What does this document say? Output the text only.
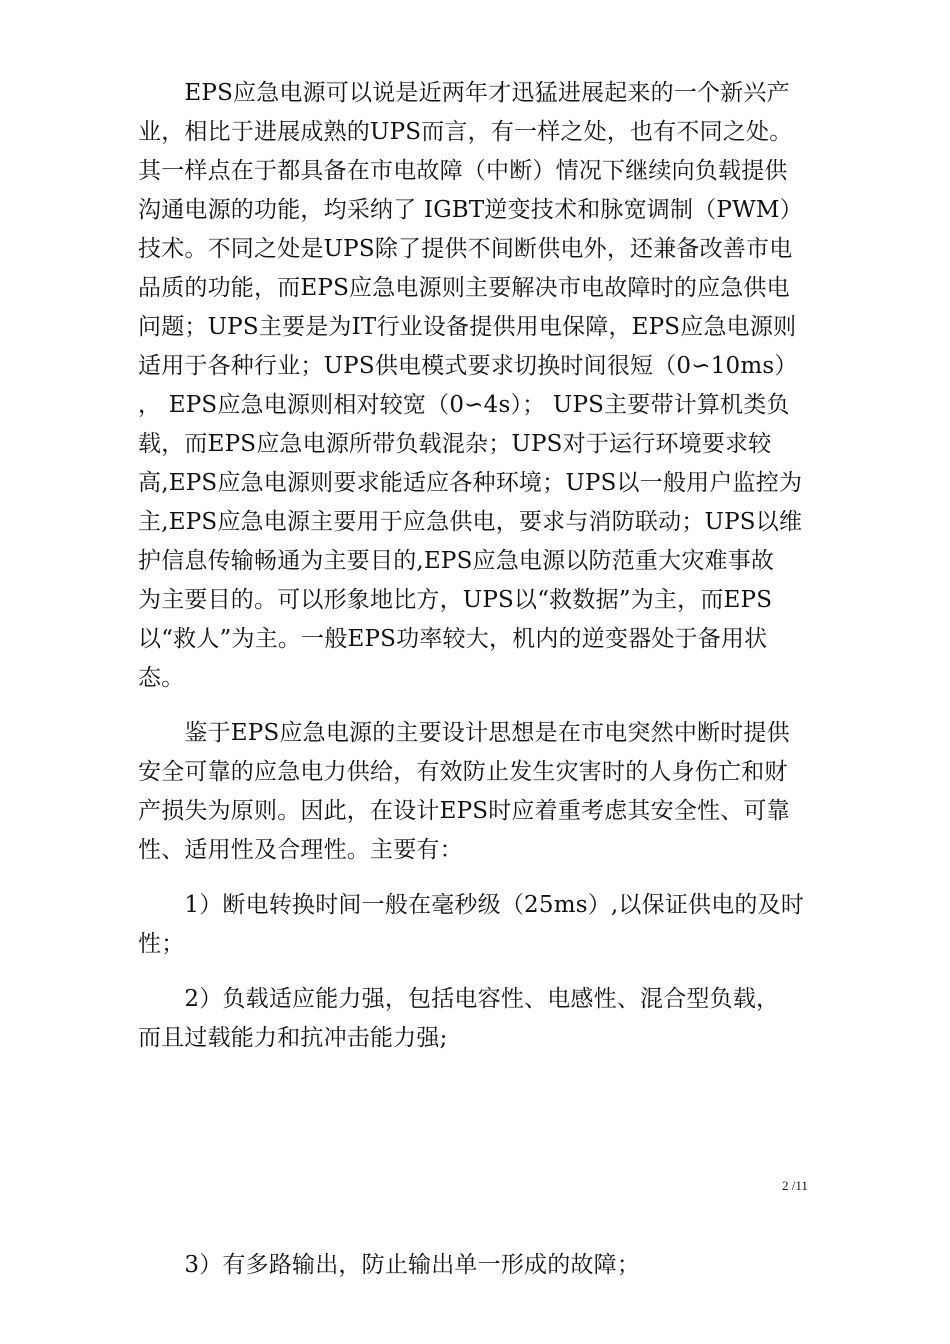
　　EPS应急电源可以说是近两年才迅猛进展起来的一个新兴产
业，相比于进展成熟的UPS而言，有一样之处，也有不同之处。
其一样点在于都具备在市电故障（中断）情况下继续向负载提供
沟通电源的功能，均采纳了 IGBT逆变技术和脉宽调制（PWM）
技术。不同之处是UPS除了提供不间断供电外，还兼备改善市电
品质的功能，而EPS应急电源则主要解决市电故障时的应急供电
问题；UPS主要是为IT行业设备提供用电保障，EPS应急电源则
适用于各种行业；UPS供电模式要求切换时间很短（0∽10ms）
， EPS应急电源则相对较宽（0∽4s）； UPS主要带计算机类负
载，而EPS应急电源所带负载混杂；UPS对于运行环境要求较
高,EPS应急电源则要求能适应各种环境；UPS以一般用户监控为
主,EPS应急电源主要用于应急供电，要求与消防联动；UPS以维
护信息传输畅通为主要目的,EPS应急电源以防范重大灾难事故
为主要目的。可以形象地比方，UPS以“救数据”为主，而EPS
以“救人”为主。一般EPS功率较大，机内的逆变器处于备用状
态。
　　鉴于EPS应急电源的主要设计思想是在市电突然中断时提供
安全可靠的应急电力供给，有效防止发生灾害时的人身伤亡和财
产损失为原则。因此，在设计EPS时应着重考虑其安全性、可靠
性、适用性及合理性。主要有：
　　1）断电转换时间一般在毫秒级（25ms）,以保证供电的及时
性；
　　2）负载适应能力强，包括电容性、电感性、混合型负载，
而且过载能力和抗冲击能力强;
2 /11
　　3）有多路输出，防止输出单一形成的故障；
